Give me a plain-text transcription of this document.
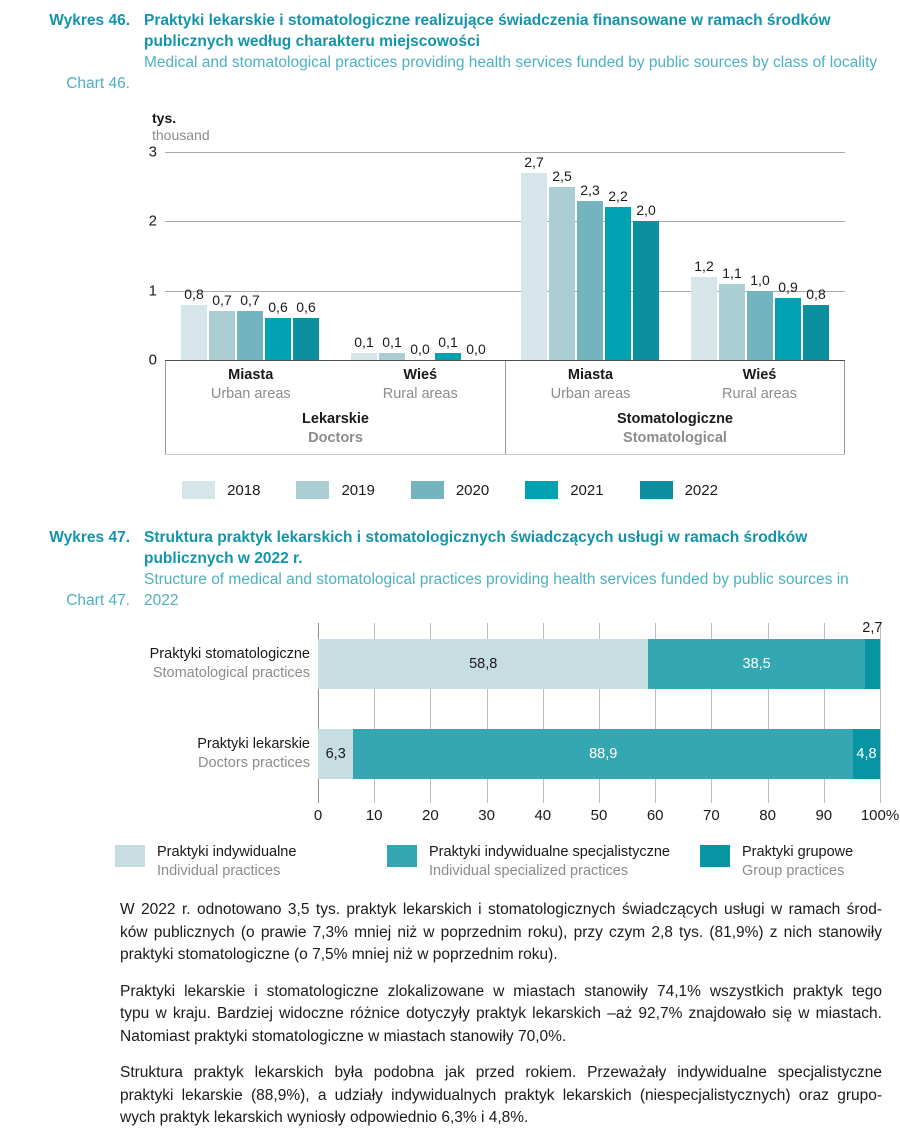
Wykres 46.
Chart 46.
Praktyki lekarskie i stomatologiczne realizujące świadczenia finansowane w ramach środków publicznych według charakteru miejscowości
Medical and stomatological practices providing health services funded by public sources by class of locality
tys.
thousand
3
2
1
0
0,8 0,7 0,7 0,6 0,6
0,1 0,1 0,0 0,1 0,0
2,7
2,5
2,3 2,2
2,0
1,2 1,1 1,0 0,9 0,8
Miasta
Urban areas
Wieś
Rural areas
Lekarskie
Doctors
Miasta
Urban areas
Wieś
Rural areas
Stomatologiczne
Stomatological
2018	2019	2020	2021	2022
Wykres 47.
Chart 47.
Struktura praktyk lekarskich i stomatologicznych świadczących usługi w ramach środków publicznych w 2022 r.
Structure of medical and stomatological practices providing health services funded by public sources in 2022
Praktyki stomatologiczne
Stomatological practices
Praktyki lekarskie
Doctors practices
58,8	38,5
2,7
6,3	88,9	4,8
0	10	20	30	40	50	60	70	80	90 100%
Praktyki indywidualne
Individual practices
Praktyki indywidualne specjalistyczne
Individual specialized practices
Praktyki grupowe
Group practices
W 2022 r. odnotowano 3,5 tys. praktyk lekarskich i stomatologicznych świadczących usługi w ramach środ-
ków publicznych (o prawie 7,3% mniej niż w poprzednim roku), przy czym 2,8 tys. (81,9%) z nich stanowiły
praktyki stomatologiczne (o 7,5% mniej niż w poprzednim roku).
Praktyki lekarskie i stomatologiczne zlokalizowane w miastach stanowiły 74,1% wszystkich praktyk tego
typu w kraju. Bardziej widoczne różnice dotyczyły praktyk lekarskich –aż 92,7% znajdowało się w miastach.
Natomiast praktyki stomatologiczne w miastach stanowiły 70,0%.
Struktura praktyk lekarskich była podobna jak przed rokiem. Przeważały indywidualne specjalistyczne
praktyki lekarskie (88,9%), a udziały indywidualnych praktyk lekarskich (niespecjalistycznych) oraz grupo-
wych praktyk lekarskich wyniosły odpowiednio 6,3% i 4,8%.
